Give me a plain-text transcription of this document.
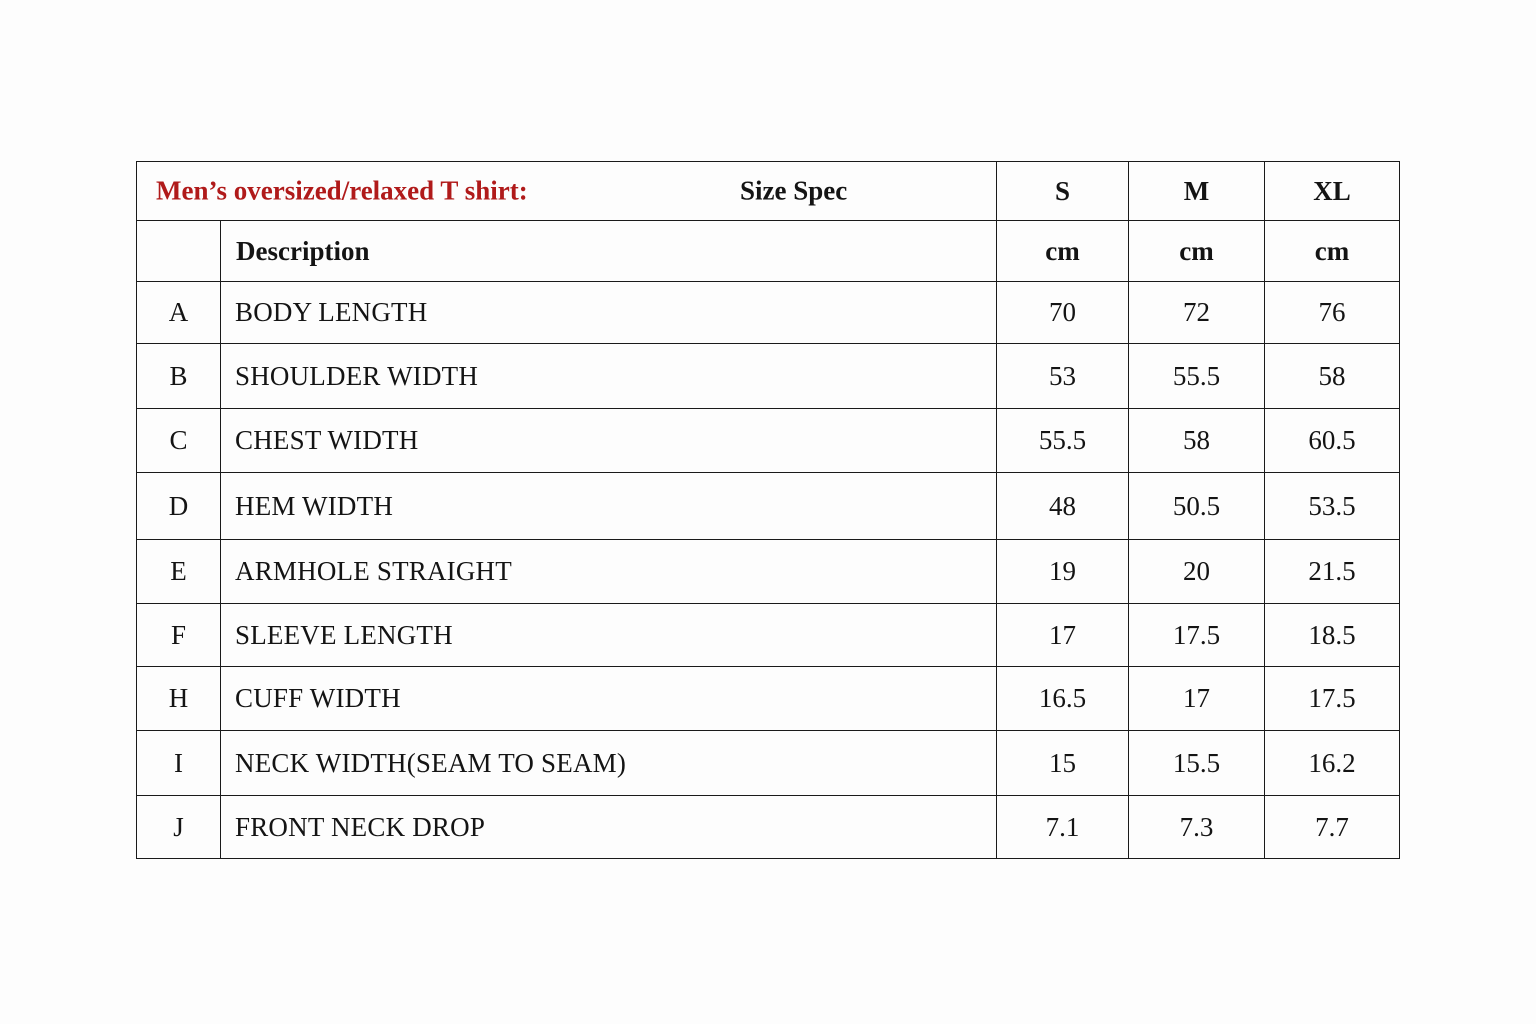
Men’s oversized/relaxed T shirt: Size Spec		S	M	XL
	Description	cm	cm	cm
A	BODY LENGTH	70	72	76
B	SHOULDER WIDTH	53	55.5	58
C	CHEST WIDTH	55.5	58	60.5
D	HEM WIDTH	48	50.5	53.5
E	ARMHOLE STRAIGHT	19	20	21.5
F	SLEEVE LENGTH	17	17.5	18.5
H	CUFF WIDTH	16.5	17	17.5
I	NECK WIDTH(SEAM TO SEAM)	15	15.5	16.2
J	FRONT NECK DROP	7.1	7.3	7.7
